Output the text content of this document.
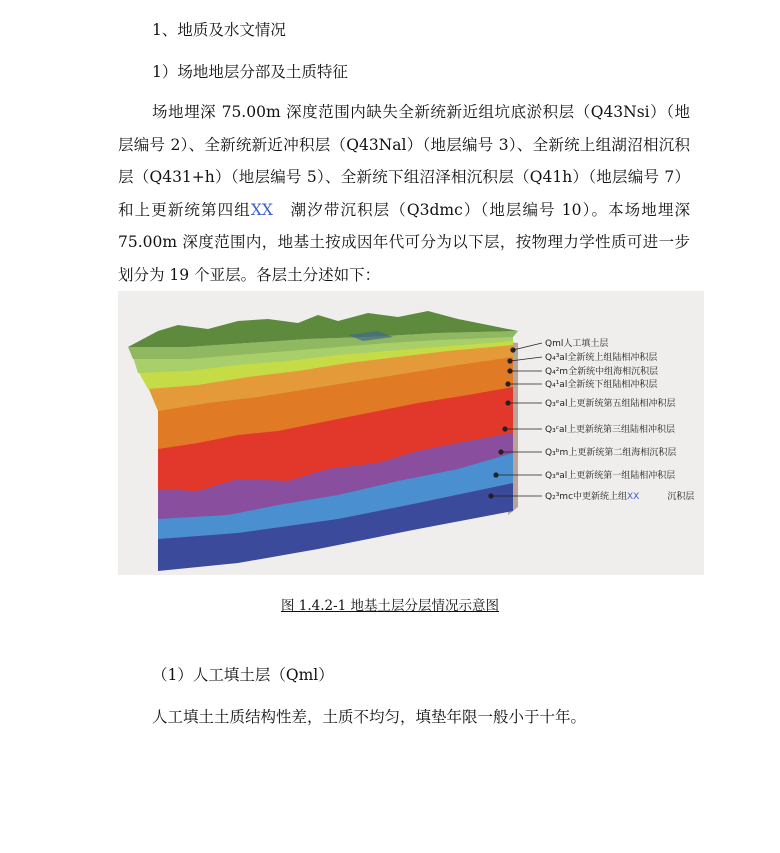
1、地质及水文情况
1）场地地层分部及土质特征
场地埋深 75.00m 深度范围内缺失全新统新近组坑底淤积层（Q43Nsi）（地层编号 2）、全新统新近冲积层（Q43Nal）（地层编号 3）、全新统上组湖沼相沉积层（Q431+h）（地层编号 5）、全新统下组沼泽相沉积层（Q41h）（地层编号 7）和上更新统第四组XX　潮汐带沉积层（Q3dmc）（地层编号 10）。本场地埋深 75.00m 深度范围内，地基土按成因年代可分为以下层，按物理力学性质可进一步划分为 19 个亚层。各层土分述如下：
Qml人工填土层
Q₄³al全新统上组陆相冲积层
Q₄²m全新统中组海相沉积层
Q₄¹al全新统下组陆相冲积层
Q₃ᵉal上更新统第五组陆相冲积层
Q₃ᶜal上更新统第三组陆相冲积层
Q₃ᵇm上更新统第二组海相沉积层
Q₃ᵃal上更新统第一组陆相冲积层
Q₂³mc中更新统上组XX	沉积层
图 1.4.2-1 地基土层分层情况示意图
（1）人工填土层（Qml）
人工填土土质结构性差，土质不均匀，填垫年限一般小于十年。
